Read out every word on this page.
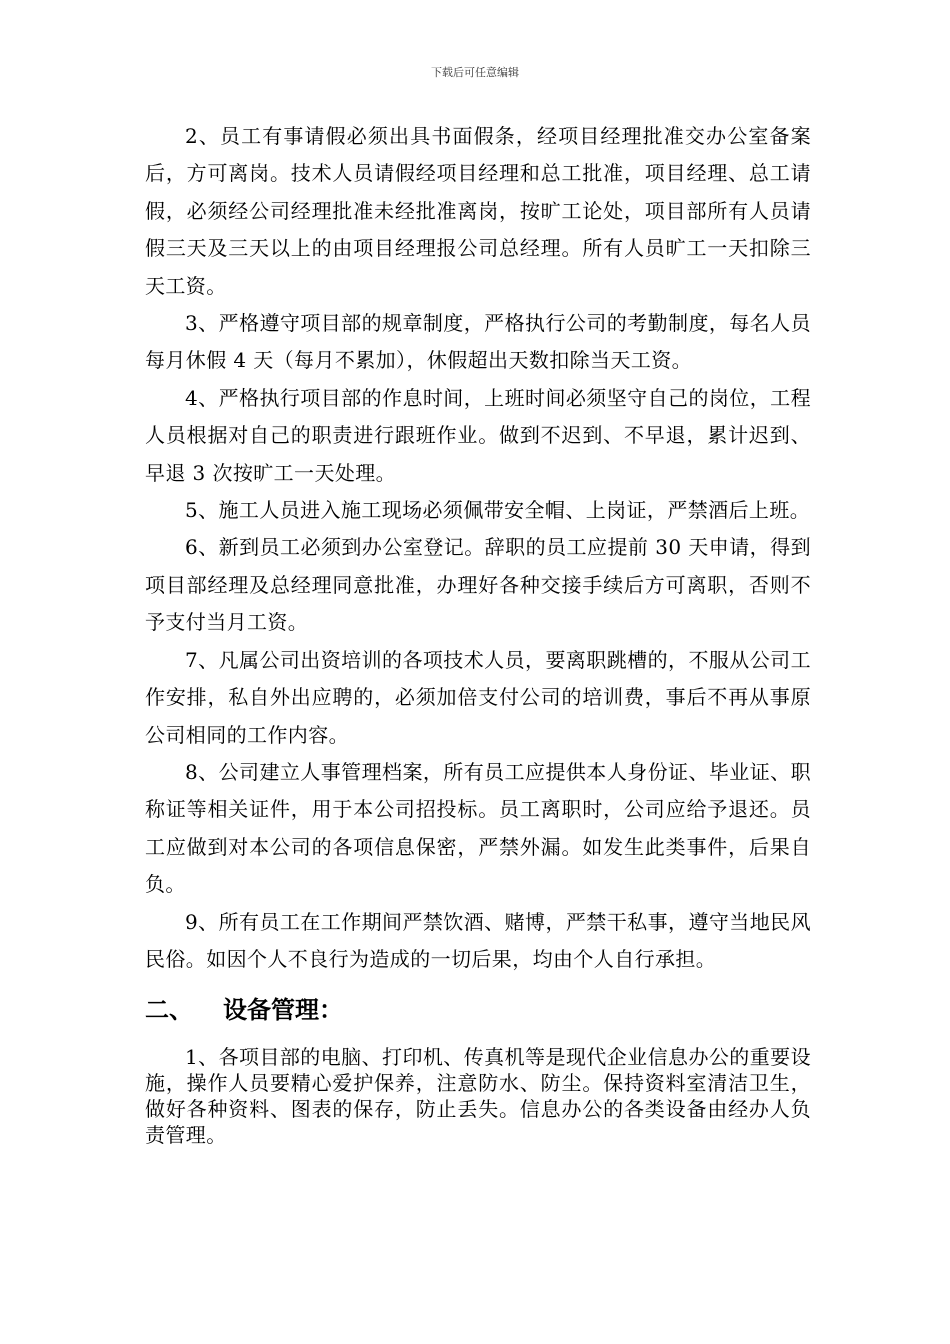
下载后可任意编辑

2、员工有事请假必须出具书面假条，经项目经理批准交办公室备案后，方可离岗。技术人员请假经项目经理和总工批准，项目经理、总工请假，必须经公司经理批准未经批准离岗，按旷工论处，项目部所有人员请假三天及三天以上的由项目经理报公司总经理。所有人员旷工一天扣除三天工资。

3、严格遵守项目部的规章制度，严格执行公司的考勤制度，每名人员每月休假 4 天（每月不累加），休假超出天数扣除当天工资。

4、严格执行项目部的作息时间，上班时间必须坚守自己的岗位，工程人员根据对自己的职责进行跟班作业。做到不迟到、不早退，累计迟到、早退 3 次按旷工一天处理。

5、施工人员进入施工现场必须佩带安全帽、上岗证，严禁酒后上班。

6、新到员工必须到办公室登记。辞职的员工应提前 30 天申请，得到项目部经理及总经理同意批准，办理好各种交接手续后方可离职，否则不予支付当月工资。

7、凡属公司出资培训的各项技术人员，要离职跳槽的，不服从公司工作安排，私自外出应聘的，必须加倍支付公司的培训费，事后不再从事原公司相同的工作内容。

8、公司建立人事管理档案，所有员工应提供本人身份证、毕业证、职称证等相关证件，用于本公司招投标。员工离职时，公司应给予退还。员工应做到对本公司的各项信息保密，严禁外漏。如发生此类事件，后果自负。

9、所有员工在工作期间严禁饮酒、赌博，严禁干私事，遵守当地民风民俗。如因个人不良行为造成的一切后果，均由个人自行承担。

二、 设备管理：

1、各项目部的电脑、打印机、传真机等是现代企业信息办公的重要设施，操作人员要精心爱护保养，注意防水、防尘。保持资料室清洁卫生，做好各种资料、图表的保存，防止丢失。信息办公的各类设备由经办人负责管理。
